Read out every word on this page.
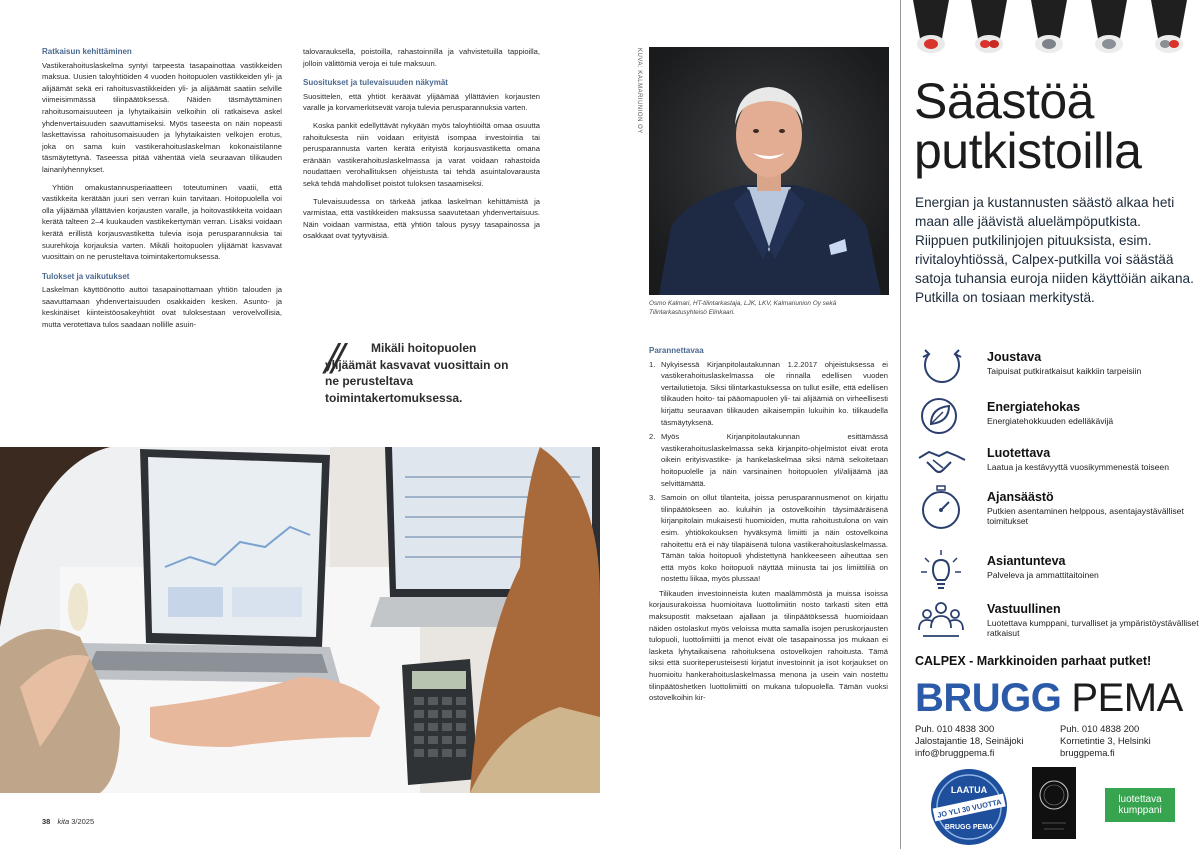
Ratkaisun kehittäminen

Vastikerahoituslaskelma syntyi tarpeesta tasapainottaa vastikkeiden maksua. Uusien taloyhtiöiden 4 vuoden hoitopuolen vastikkeiden yli- ja alijäämät sekä eri rahoitusvastikkeiden yli- ja alijäämät saatiin selville viimeisimmässä tilinpäätöksessä. Näiden täsmäyttäminen rahoitusomaisuuteen ja lyhytaikaisiin velkoihin oli ratkaiseva askel yhdenvertaisuuden saavuttamiseksi. Myös taseesta on näin nopeasti laskettavissa rahoitusomaisuuden ja lyhytaikaisten velkojen erotus, joka on sama kuin vastikerahoituslaskelman kokonaistilanne täsmäytettynä. Taseessa pitää vähentää vielä seuraavan tilikauden lainanlyhennykset.

Yhtiön omakustannusperiaatteen toteutuminen vaatii, että vastikkeita kerätään juuri sen verran kuin tarvitaan. Hoitopuolella voi olla ylijäämää yllättävien korjausten varalle, ja hoitovastikkeita voidaan kerätä talteen 2–4 kuukauden vastikekertymän verran. Lisäksi voidaan kerätä erillistä korjausvastiketta tulevia isoja perusparannuksia tai suurehkoja korjauksia varten. Mikäli hoitopuolen ylijäämät kasvavat vuosittain on ne perusteltava toimintakertomuksessa.

Tulokset ja vaikutukset

Laskelman käyttöönotto auttoi tasapainottamaan yhtiön talouden ja saavuttamaan yhdenvertaisuuden osakkaiden kesken. Asunto- ja keskinäiset kiinteistöosakeyhtiöt ovat tuloksestaan verovelvollisia, mutta verotettava tulos saadaan nollille asuin-

talovarauksella, poistoilla, rahastoinnilla ja vahvistetuilla tappioilla, jolloin välittömiä veroja ei tule maksuun.

Suositukset ja tulevaisuuden näkymät

Suosittelen, että yhtiöt keräävät ylijäämää yllättävien korjausten varalle ja korvamerkitsevät varoja tulevia perusparannuksia varten.

Koska pankit edellyttävät nykyään myös taloyhtiöiltä omaa osuutta rahoituksesta niin voidaan erityistä isompaa investointia tai perusparannusta varten kerätä erityistä korjausvastiketta omana eränään vastikerahoituslaskelmassa ja varat voidaan rahastoida noudattaen verohallituksen ohjeistusta tai tehdä asuintalovarausta sekä tehdä mahdolliset poistot tuloksen tasaamiseksi.

Tulevaisuudessa on tärkeää jatkaa laskelman kehittämistä ja varmistaa, että vastikkeiden maksussa saavutetaan yhdenvertaisuus. Näin voidaan varmistaa, että yhtiön talous pysyy tasapainossa ja osakkaat ovat tyytyväisiä.

//	Mikäli hoitopuolen ylijäämät kasvavat vuosittain on ne perusteltava toimintakertomuksessa.
KUVA: KALMARIUNION OY
Osmo Kalmari, HT-tilintarkastaja, LJK, LKV, Kalmariunion Oy sekä Tilintarkastusyhteisö Elinkaari.
Parannettavaa
1. Nykyisessä Kirjanpitolautakunnan 1.2.2017 ohjeistuksessa ei vastikerahoituslaskelmassa ole rinnalla edellisen vuoden vertailutietoja. Siksi tilintarkastuksessa on tullut esille, että edellisen tilikauden hoito- tai pääomapuolen yli- tai alijäämiä on virheellisesti kirjattu seuraavan tilikauden aikaisempiin lukuihin ko. tilikaudella täsmäytyksenä.
2. Myös Kirjanpitolautakunnan esittämässä vastikerahoituslaskelmassa sekä kirjanpito-ohjelmistot eivät erota oikein erityisvastike- ja hankelaskelmaa siksi nämä sekoitetaan hoitopuolelle ja näin varsinainen hoitopuolen yli/alijäämä jää selvittämättä.
3. Samoin on ollut tilanteita, joissa perusparannusmenot on kirjattu tilinpäätökseen ao. kuluihin ja ostovelkoihin täysimääräisenä kirjanpitolain mukaisesti huomioiden, mutta rahoitustulona on vain esim. yhtiökokouksen hyväksymä limiitti ja näin ostovelkoina rahoitettu erä ei näy tilapäisenä tulona vastikerahoituslaskelmassa. Tämän takia hoitopuoli yhdistettynä hankkeeseen aiheuttaa sen että myös koko hoitopuoli näyttää miinusta tai jos limiittiliiä on nostettu liikaa, myös plussaa!

Tilikauden investoinneista kuten maalämmöstä ja muissa isoissa korjausurakoissa huomioitava luottolimiitin nosto tarkasti siten että maksupostit maksetaan ajallaan ja tilinpäätöksessä huomioidaan näiden ostolaskut myös veloissa mutta samalla isojen peruskorjausten tulopuoli, luottolimiitti ja menot eivät ole tasapainossa jos mukaan ei lasketa lyhytaikaisena rahoituksena ostovelkojen rahoitusta. Tämä siksi että suoriteperusteisesti kirjatut investoinnit ja isot korjaukset on huomioitu hankerahoituslaskelmassa menona ja usein vain nostettu tilinpäätöshetken luottolimiitti on mukana tulopuolella. Tämän vuoksi ostovelkoihin kir-

38 kita 3/2025
Säästöä
putkistoilla
Energian ja kustannusten säästö alkaa heti maan alle jäävistä aluelämpöputkista. Riippuen putkilinjojen pituuksista, esim. rivitaloyhtiössä, Calpex-putkilla voi säästää satoja tuhansia euroja niiden käyttöiän aikana. Putkilla on tosiaan merkitystä.
Joustava
Taipuisat putkiratkaisut kaikkiin tarpeisiin
Energiatehokas
Energiatehokkuuden edelläkävijä
Luotettava
Laatua ja kestävyyttä vuosikymmenestä toiseen
Ajansäästö
Putkien asentaminen helppous, asentajaystävälliset toimitukset
Asiantunteva
Palveleva ja ammattitaitoinen
Vastuullinen
Luotettava kumppani, turvalliset ja ympäristöystävälliset ratkaisut
CALPEX - Markkinoiden parhaat putket!
BRUGG PEMA
Puh. 010 4838 300
Jalostajantie 18, Seinäjoki
info@bruggpema.fi
Puh. 010 4838 200
Kornetintie 3, Helsinki
bruggpema.fi
LAATUA
JO YLI 30 VUOTTA
BRUGG PEMA
luotettava kumppani
